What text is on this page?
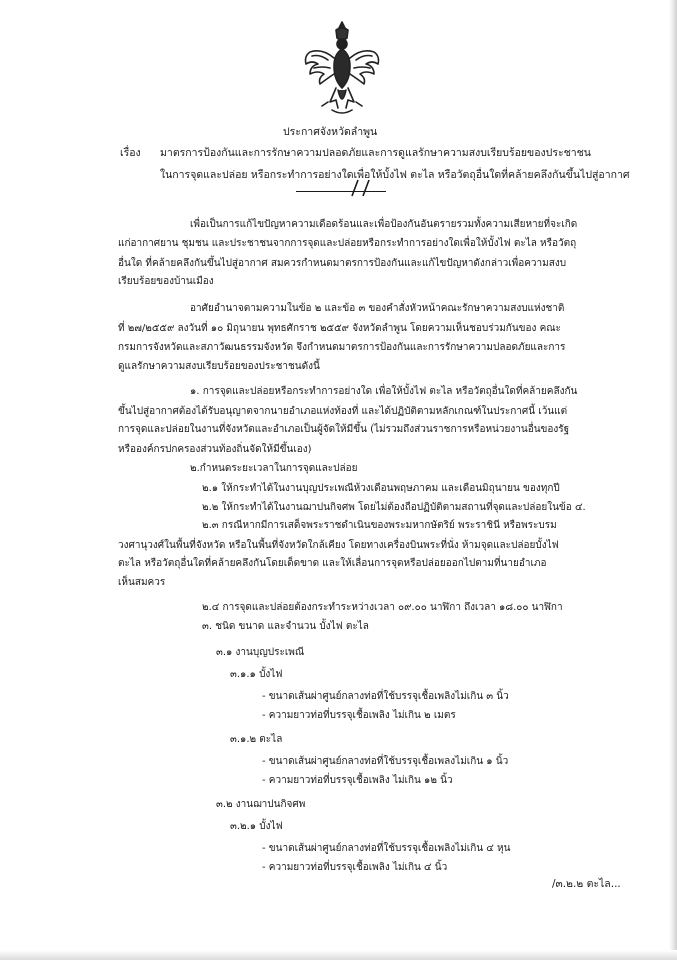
ประกาศจังหวัดลำพูน
เรื่อง มาตรการป้องกันและการรักษาความปลอดภัยและการดูแลรักษาความสงบเรียบร้อยของประชาชน
ในการจุดและปล่อย หรือกระทำการอย่างใดเพื่อให้บั้งไฟ ตะไล หรือวัตถุอื่นใดที่คล้ายคลึงกันขึ้นไปสู่อากาศ
เพื่อเป็นการแก้ไขปัญหาความเดือดร้อนและเพื่อป้องกันอันตรายรวมทั้งความเสียหายที่จะเกิด
แก่อากาศยาน ชุมชน และประชาชนจากการจุดและปล่อยหรือกระทำการอย่างใดเพื่อให้บั้งไฟ ตะไล หรือวัตถุ
อื่นใด ที่คล้ายคลึงกันขึ้นไปสู่อากาศ สมควรกำหนดมาตรการป้องกันและแก้ไขปัญหาดังกล่าวเพื่อความสงบ
เรียบร้อยของบ้านเมือง
อาศัยอำนาจตามความในข้อ ๒ และข้อ ๓ ของคำสั่งหัวหน้าคณะรักษาความสงบแห่งชาติ
ที่ ๒๗/๒๕๕๙ ลงวันที่ ๑๐ มิถุนายน พุทธศักราช ๒๕๕๙ จังหวัดลำพูน โดยความเห็นชอบร่วมกันของ คณะ
กรมการจังหวัดและสภาวัฒนธรรมจังหวัด จึงกำหนดมาตรการป้องกันและการรักษาความปลอดภัยและการ
ดูแลรักษาความสงบเรียบร้อยของประชาชนดังนี้
๑. การจุดและปล่อยหรือกระทำการอย่างใด เพื่อให้บั้งไฟ ตะไล หรือวัตถุอื่นใดที่คล้ายคลึงกัน
ขึ้นไปสู่อากาศต้องได้รับอนุญาตจากนายอำเภอแห่งท้องที่ และได้ปฏิบัติตามหลักเกณฑ์ในประกาศนี้ เว้นแต่
การจุดและปล่อยในงานที่จังหวัดและอำเภอเป็นผู้จัดให้มีขึ้น (ไม่รวมถึงส่วนราชการหรือหน่วยงานอื่นของรัฐ
หรือองค์กรปกครองส่วนท้องถิ่นจัดให้มีขึ้นเอง)
๒.กำหนดระยะเวลาในการจุดและปล่อย
๒.๑ ให้กระทำได้ในงานบุญประเพณีห้วงเดือนพฤษภาคม และเดือนมิถุนายน ของทุกปี
๒.๒ ให้กระทำได้ในงานฌาปนกิจศพ โดยไม่ต้องถือปฏิบัติตามสถานที่จุดและปล่อยในข้อ ๔.
๒.๓ กรณีหากมีการเสด็จพระราชดำเนินของพระมหากษัตริย์ พระราชินี หรือพระบรม
วงศานุวงศ์ในพื้นที่จังหวัด หรือในพื้นที่จังหวัดใกล้เคียง โดยทางเครื่องบินพระที่นั่ง ห้ามจุดและปล่อยบั้งไฟ
ตะไล หรือวัตถุอื่นใดที่คล้ายคลึงกันโดยเด็ดขาด และให้เลื่อนการจุดหรือปล่อยออกไปตามที่นายอำเภอ
เห็นสมควร
๒.๔ การจุดและปล่อยต้องกระทำระหว่างเวลา ๐๙.๐๐ นาฬิกา ถึงเวลา ๑๘.๐๐ นาฬิกา
๓. ชนิด ขนาด และจำนวน บั้งไฟ ตะไล
๓.๑ งานบุญประเพณี
๓.๑.๑ บั้งไฟ
- ขนาดเส้นผ่าศูนย์กลางท่อที่ใช้บรรจุเชื้อเพลิงไม่เกิน ๓ นิ้ว
- ความยาวท่อที่บรรจุเชื้อเพลิง ไม่เกิน ๒ เมตร
๓.๑.๒ ตะไล
- ขนาดเส้นผ่าศูนย์กลางท่อที่ใช้บรรจุเชื้อเพลงไม่เกิน ๑ นิ้ว
- ความยาวท่อที่บรรจุเชื้อเพลิง ไม่เกิน ๑๒ นิ้ว
๓.๒ งานฌาปนกิจศพ
๓.๒.๑ บั้งไฟ
- ขนาดเส้นผ่าศูนย์กลางท่อที่ใช้บรรจุเชื้อเพลิงไม่เกิน ๔ หุน
- ความยาวท่อที่บรรจุเชื้อเพลิง ไม่เกิน ๔ นิ้ว
/๓.๒.๒ ตะไล...
